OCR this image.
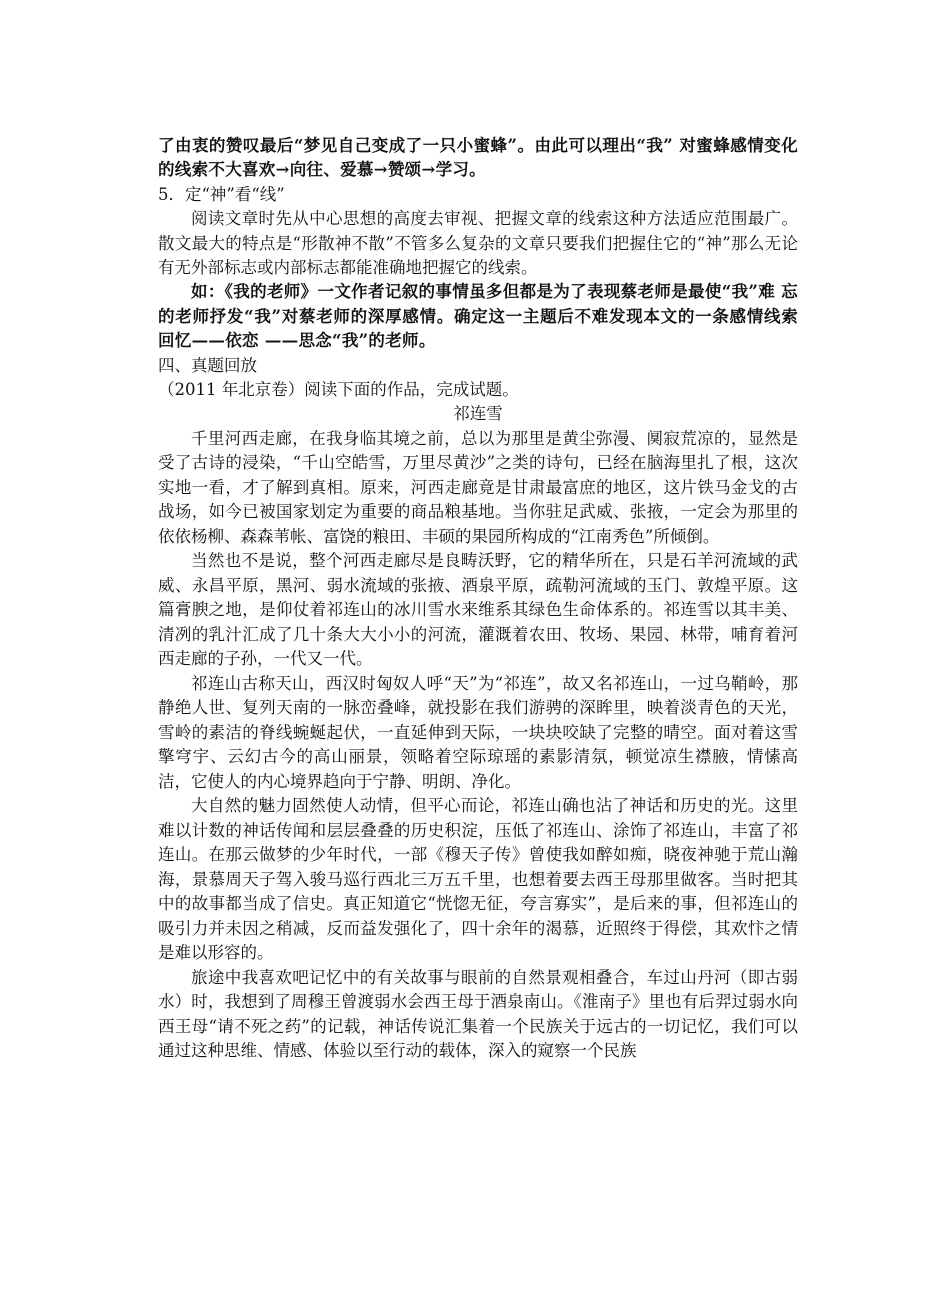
了由衷的赞叹最后“梦见自己变成了一只小蜜蜂”。由此可以理出“我” 对蜜蜂感情变化的线索不大喜欢→向往、爱慕→赞颂→学习。

5．定“神”看“线”

阅读文章时先从中心思想的高度去审视、把握文章的线索这种方法适应范围最广。散文最大的特点是“形散神不散”不管多么复杂的文章只要我们把握住它的“神”那么无论有无外部标志或内部标志都能准确地把握它的线索。

如：《我的老师》一文作者记叙的事情虽多但都是为了表现蔡老师是最使“我”难 忘的老师抒发“我”对蔡老师的深厚感情。确定这一主题后不难发现本文的一条感情线索回忆——依恋 ——思念“我”的老师。

四、真题回放

（2011 年北京卷）阅读下面的作品，完成试题。

祁连雪

千里河西走廊，在我身临其境之前，总以为那里是黄尘弥漫、阒寂荒凉的，显然是受了古诗的浸染，“千山空皓雪，万里尽黄沙”之类的诗句，已经在脑海里扎了根，这次实地一看，才了解到真相。原来，河西走廊竟是甘肃最富庶的地区，这片铁马金戈的古战场，如今已被国家划定为重要的商品粮基地。当你驻足武威、张掖，一定会为那里的依依杨柳、森森苇帐、富饶的粮田、丰硕的果园所构成的“江南秀色”所倾倒。

当然也不是说，整个河西走廊尽是良畴沃野，它的精华所在，只是石羊河流域的武威、永昌平原，黑河、弱水流域的张掖、酒泉平原，疏勒河流域的玉门、敦煌平原。这篇膏腴之地，是仰仗着祁连山的冰川雪水来维系其绿色生命体系的。祁连雪以其丰美、清冽的乳汁汇成了几十条大大小小的河流，灌溉着农田、牧场、果园、林带，哺育着河 西走廊的子孙，一代又一代。

祁连山古称天山，西汉时匈奴人呼“天”为“祁连”，故又名祁连山，一过乌鞘岭，那静绝人世、复列天南的一脉峦叠峰，就投影在我们游骋的深眸里，映着淡青色的天光，雪岭的素洁的脊线蜿蜒起伏，一直延伸到天际，一块块咬缺了完整的晴空。面对着这雪擎穹宇、云幻古今的高山丽景，领略着空际琼瑶的素影清氛，顿觉凉生襟腋，情愫高洁，它使人的内心境界趋向于宁静、明朗、净化。

大自然的魅力固然使人动情，但平心而论，祁连山确也沾了神话和历史的光。这里难以计数的神话传闻和层层叠叠的历史积淀，压低了祁连山、涂饰了祁连山，丰富了祁连山。在那云做梦的少年时代，一部《穆天子传》曾使我如醉如痴，晓夜神驰于荒山瀚海，景慕周天子驾入骏马巡行西北三万五千里，也想着要去西王母那里做客。当时把其中的故事都当成了信史。真正知道它“恍惚无征，夸言寡实”，是后来的事，但祁连山的吸引力并未因之稍减，反而益发强化了，四十余年的渴慕，近照终于得偿，其欢忭之情是难以形容的。

旅途中我喜欢吧记忆中的有关故事与眼前的自然景观相叠合，车过山丹河（即古弱水）时，我想到了周穆王曾渡弱水会西王母于酒泉南山。《淮南子》里也有后羿过弱水向西王母“请不死之药”的记载，神话传说汇集着一个民族关于远古的一切记忆，我们可以通过这种思维、情感、体验以至行动的载体，深入的窥察一个民族
